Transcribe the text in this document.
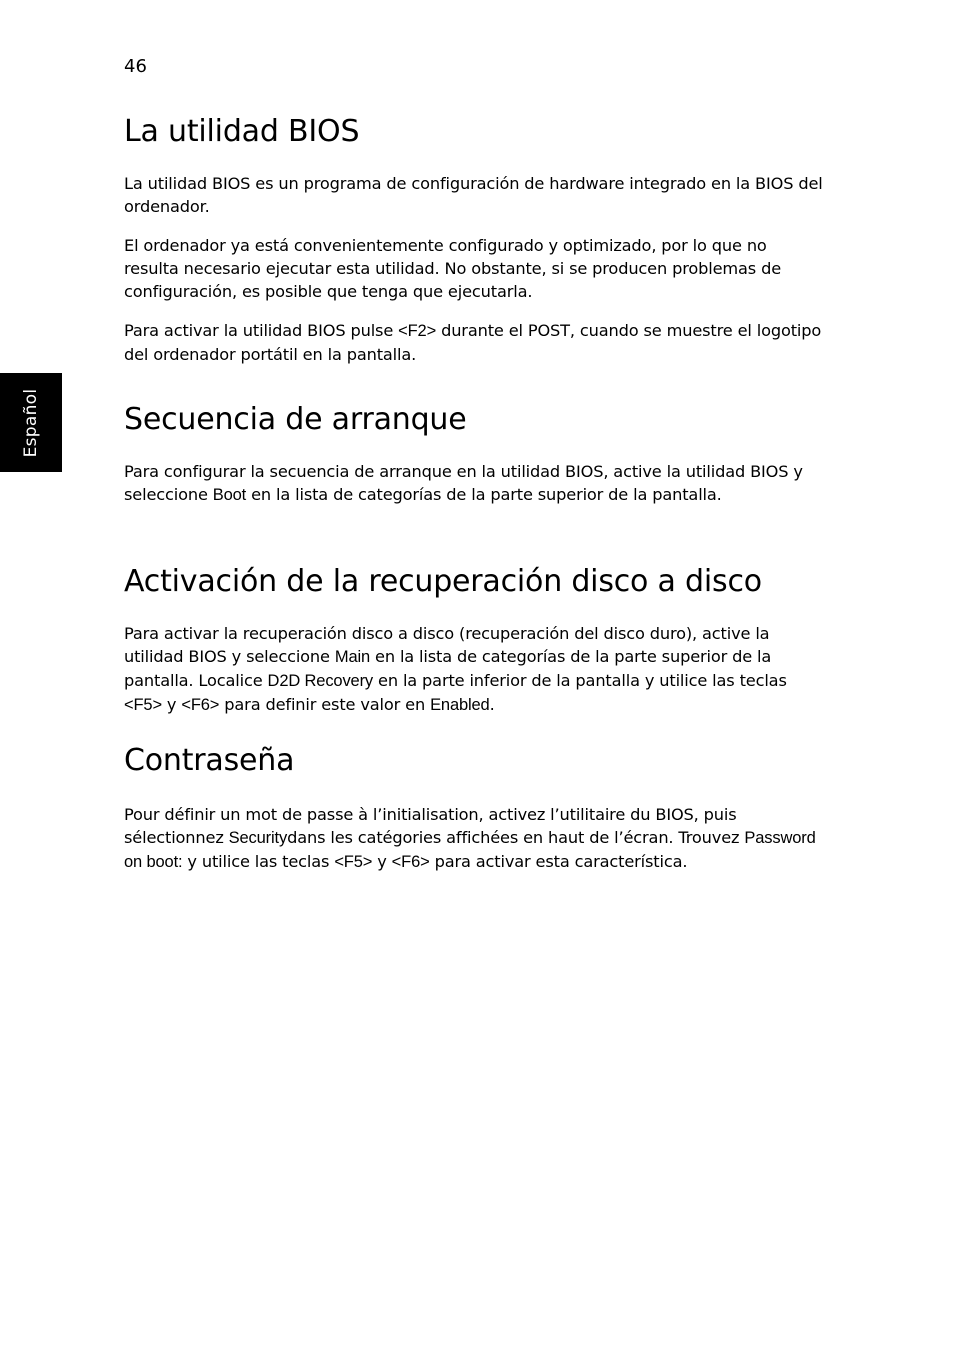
46
Español
La utilidad BIOS

La utilidad BIOS es un programa de configuración de hardware integrado en la BIOS del ordenador.

El ordenador ya está convenientemente configurado y optimizado, por lo que no resulta necesario ejecutar esta utilidad. No obstante, si se producen problemas de configuración, es posible que tenga que ejecutarla.

Para activar la utilidad BIOS pulse <F2> durante el POST, cuando se muestre el logotipo del ordenador portátil en la pantalla.

Secuencia de arranque

Para configurar la secuencia de arranque en la utilidad BIOS, active la utilidad BIOS y seleccione Boot en la lista de categorías de la parte superior de la pantalla.

Activación de la recuperación disco a disco

Para activar la recuperación disco a disco (recuperación del disco duro), active la utilidad BIOS y seleccione Main en la lista de categorías de la parte superior de la pantalla. Localice D2D Recovery en la parte inferior de la pantalla y utilice las teclas <F5> y <F6> para definir este valor en Enabled.

Contraseña

Pour définir un mot de passe à l’initialisation, activez l’utilitaire du BIOS, puis sélectionnez Securitydans les catégories affichées en haut de l’écran. Trouvez Password on boot: y utilice las teclas <F5> y <F6> para activar esta característica.
